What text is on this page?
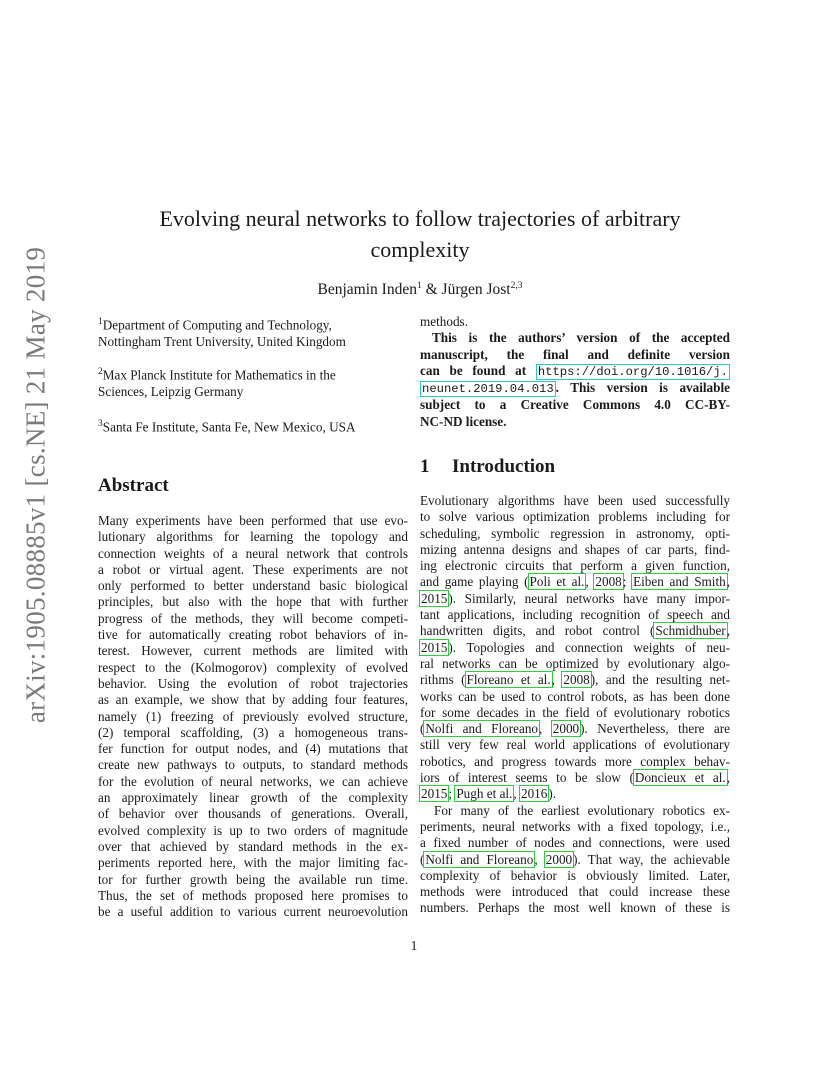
arXiv:1905.08885v1 [cs.NE] 21 May 2019
Evolving neural networks to follow trajectories of arbitrary
complexity
Benjamin Inden$^1$ & Jürgen Jost$^{2,3}$
$^1$Department of Computing and Technology,
Nottingham Trent University, United Kingdom
$^2$Max Planck Institute for Mathematics in the
Sciences, Leipzig Germany
$^3$Santa Fe Institute, Santa Fe, New Mexico, USA
Abstract
Many experiments have been performed that use evo-
lutionary algorithms for learning the topology and
connection weights of a neural network that controls
a robot or virtual agent. These experiments are not
only performed to better understand basic biological
principles, but also with the hope that with further
progress of the methods, they will become competi-
tive for automatically creating robot behaviors of in-
terest. However, current methods are limited with
respect to the (Kolmogorov) complexity of evolved
behavior. Using the evolution of robot trajectories
as an example, we show that by adding four features,
namely (1) freezing of previously evolved structure,
(2) temporal scaffolding, (3) a homogeneous trans-
fer function for output nodes, and (4) mutations that
create new pathways to outputs, to standard methods
for the evolution of neural networks, we can achieve
an approximately linear growth of the complexity
of behavior over thousands of generations. Overall,
evolved complexity is up to two orders of magnitude
over that achieved by standard methods in the ex-
periments reported here, with the major limiting fac-
tor for further growth being the available run time.
Thus, the set of methods proposed here promises to
be a useful addition to various current neuroevolution
methods.
This is the authors’ version of the accepted
manuscript, the final and definite version
can be found at https://doi.org/10.1016/j.
neunet.2019.04.013 . This version is available
subject to a Creative Commons 4.0 CC-BY-
NC-ND license.
1 Introduction
Evolutionary algorithms have been used successfully
to solve various optimization problems including for
scheduling, symbolic regression in astronomy, opti-
mizing antenna designs and shapes of car parts, find-
ing electronic circuits that perform a given function,
and game playing (Poli et al., 2008; Eiben and Smith,
2015). Similarly, neural networks have many impor-
tant applications, including recognition of speech and
handwritten digits, and robot control (Schmidhuber,
2015). Topologies and connection weights of neu-
ral networks can be optimized by evolutionary algo-
rithms (Floreano et al., 2008), and the resulting net-
works can be used to control robots, as has been done
for some decades in the field of evolutionary robotics
(Nolfi and Floreano, 2000). Nevertheless, there are
still very few real world applications of evolutionary
robotics, and progress towards more complex behav-
iors of interest seems to be slow (Doncieux et al.,
2015; Pugh et al., 2016).
For many of the earliest evolutionary robotics ex-
periments, neural networks with a fixed topology, i.e.,
a fixed number of nodes and connections, were used
(Nolfi and Floreano, 2000). That way, the achievable
complexity of behavior is obviously limited. Later,
methods were introduced that could increase these
numbers. Perhaps the most well known of these is
1
